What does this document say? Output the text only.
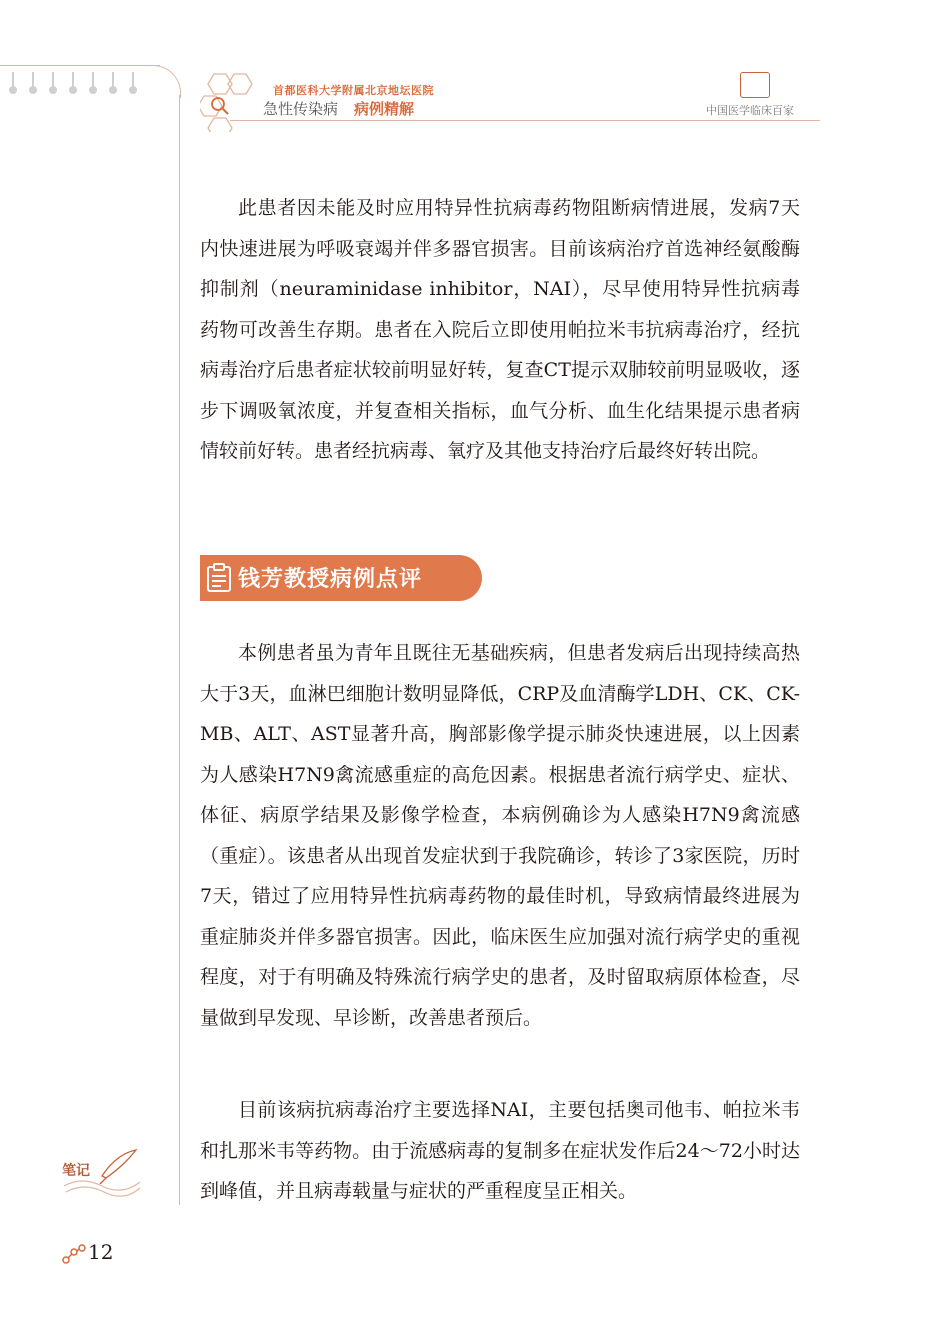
首都医科大学附属北京地坛医院
急性传染病 病例精解	中国医学临床百家

此患者因未能及时应用特异性抗病毒药物阻断病情进展，发病7天内快速进展为呼吸衰竭并伴多器官损害。目前该病治疗首选神经氨酸酶抑制剂（neuraminidase inhibitor，NAI），尽早使用特异性抗病毒药物可改善生存期。患者在入院后立即使用帕拉米韦抗病毒治疗，经抗病毒治疗后患者症状较前明显好转，复查CT提示双肺较前明显吸收，逐步下调吸氧浓度，并复查相关指标，血气分析、血生化结果提示患者病情较前好转。患者经抗病毒、氧疗及其他支持治疗后最终好转出院。

钱芳教授病例点评

本例患者虽为青年且既往无基础疾病，但患者发病后出现持续高热大于3天，血淋巴细胞计数明显降低，CRP及血清酶学LDH、CK、CK-MB、ALT、AST显著升高，胸部影像学提示肺炎快速进展，以上因素为人感染H7N9禽流感重症的高危因素。根据患者流行病学史、症状、体征、病原学结果及影像学检查，本病例确诊为人感染H7N9禽流感（重症）。该患者从出现首发症状到于我院确诊，转诊了3家医院，历时7天，错过了应用特异性抗病毒药物的最佳时机，导致病情最终进展为重症肺炎并伴多器官损害。因此，临床医生应加强对流行病学史的重视程度，对于有明确及特殊流行病学史的患者，及时留取病原体检查，尽量做到早发现、早诊断，改善患者预后。

目前该病抗病毒治疗主要选择NAI，主要包括奥司他韦、帕拉米韦和扎那米韦等药物。由于流感病毒的复制多在症状发作后24～72小时达到峰值，并且病毒载量与症状的严重程度呈正相关。

笔记
12
